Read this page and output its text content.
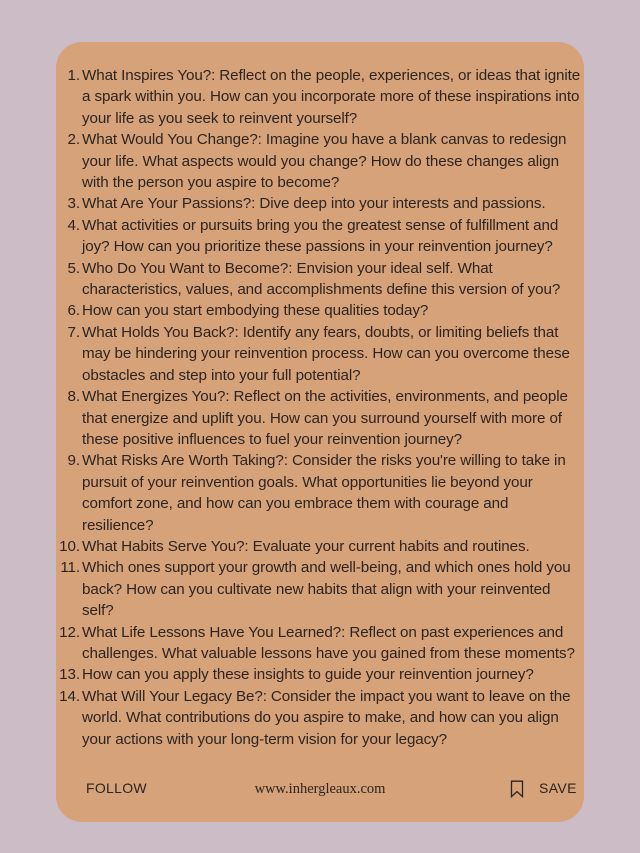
1. What Inspires You?: Reflect on the people, experiences, or ideas that ignite a spark within you. How can you incorporate more of these inspirations into your life as you seek to reinvent yourself?
2. What Would You Change?: Imagine you have a blank canvas to redesign your life. What aspects would you change? How do these changes align with the person you aspire to become?
3. What Are Your Passions?: Dive deep into your interests and passions.
4. What activities or pursuits bring you the greatest sense of fulfillment and joy? How can you prioritize these passions in your reinvention journey?
5. Who Do You Want to Become?: Envision your ideal self. What characteristics, values, and accomplishments define this version of you?
6. How can you start embodying these qualities today?
7. What Holds You Back?: Identify any fears, doubts, or limiting beliefs that may be hindering your reinvention process. How can you overcome these obstacles and step into your full potential?
8. What Energizes You?: Reflect on the activities, environments, and people that energize and uplift you. How can you surround yourself with more of these positive influences to fuel your reinvention journey?
9. What Risks Are Worth Taking?: Consider the risks you're willing to take in pursuit of your reinvention goals. What opportunities lie beyond your comfort zone, and how can you embrace them with courage and resilience?
10. What Habits Serve You?: Evaluate your current habits and routines.
11. Which ones support your growth and well-being, and which ones hold you back? How can you cultivate new habits that align with your reinvented self?
12. What Life Lessons Have You Learned?: Reflect on past experiences and challenges. What valuable lessons have you gained from these moments?
13. How can you apply these insights to guide your reinvention journey?
14. What Will Your Legacy Be?: Consider the impact you want to leave on the world. What contributions do you aspire to make, and how can you align your actions with your long-term vision for your legacy?
FOLLOW	www.inhergleaux.com	SAVE
